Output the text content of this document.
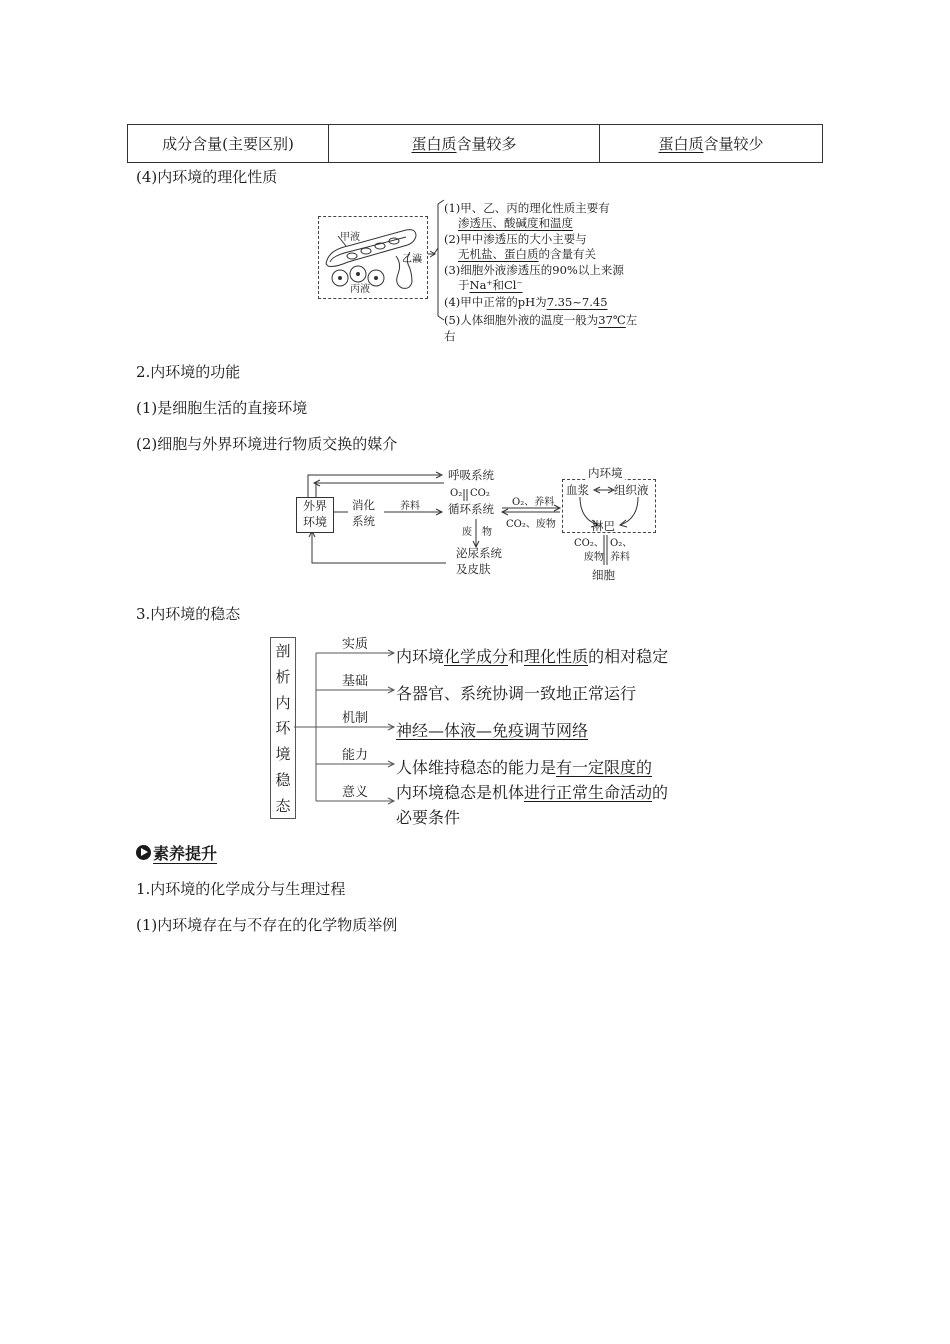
成分含量(主要区别)	蛋白质含量较多	蛋白质含量较少
(4)内环境的理化性质
甲液
乙液
丙液
(1)甲、乙、丙的理化性质主要有
渗透压、酸碱度和温度
(2)甲中渗透压的大小主要与
无机盐、蛋白质的含量有关
(3)细胞外液渗透压的90%以上来源
于Na⁺和Cl⁻
(4)甲中正常的pH为7.35~7.45
(5)人体细胞外液的温度一般为37℃左右
2.内环境的功能
(1)是细胞生活的直接环境
(2)细胞与外界环境进行物质交换的媒介
外界
环境
消化
系统
养料
呼吸系统
O₂ CO₂
循环系统
废 物
泌尿系统
及皮肤
O₂、养料
CO₂、废物
内环境
血浆 组织液
淋巴
CO₂、
废物
O₂、
养料
细胞
3.内环境的稳态
剖
析
内
环
境
稳
态
实质
基础
机制
能力
意义
内环境化学成分和理化性质的相对稳定
各器官、系统协调一致地正常运行
神经—体液—免疫调节网络
人体维持稳态的能力是有一定限度的
内环境稳态是机体进行正常生命活动的
必要条件
素养提升
1.内环境的化学成分与生理过程
(1)内环境存在与不存在的化学物质举例
